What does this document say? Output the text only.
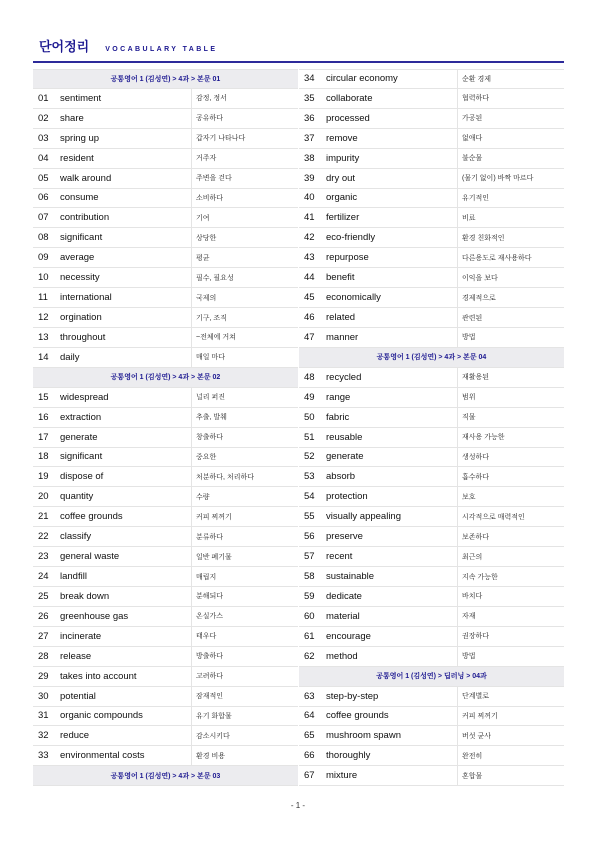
단어정리 VOCABULARY TABLE
공통영어 1 (김성연) > 4과 > 본문 01
01	sentiment	감정, 정서
02	share	공유하다
03	spring up	갑자기 나타나다
04	resident	거주자
05	walk around	주변을 걷다
06	consume	소비하다
07	contribution	기여
08	significant	상당한
09	average	평균
10	necessity	필수, 필요성
11	international	국제의
12	orgination	기구, 조직
13	throughout	~전체에 거쳐
14	daily	매일 마다
공통영어 1 (김성연) > 4과 > 본문 02
15	widespread	널리 퍼진
16	extraction	추출, 발췌
17	generate	창출하다
18	significant	중요한
19	dispose of	처분하다, 처리하다
20	quantity	수량
21	coffee grounds	커피 찌꺼기
22	classify	분류하다
23	general waste	일반 폐기물
24	landfill	매립지
25	break down	분해되다
26	greenhouse gas	온실가스
27	incinerate	태우다
28	release	방출하다
29	takes into account	고려하다
30	potential	잠재적인
31	organic compounds	유기 화합물
32	reduce	감소시키다
33	environmental costs	환경 비용
공통영어 1 (김성연) > 4과 > 본문 03
34	circular economy	순환 경제
35	collaborate	협력하다
36	processed	가공된
37	remove	없애다
38	impurity	불순물
39	dry out	(물기 없이) 바짝 마르다
40	organic	유기적인
41	fertilizer	비료
42	eco-friendly	환경 친화적인
43	repurpose	다른용도로 재사용하다
44	benefit	이익을 보다
45	economically	경제적으로
46	related	관련된
47	manner	방법
공통영어 1 (김성연) > 4과 > 본문 04
48	recycled	재활용된
49	range	범위
50	fabric	직물
51	reusable	재사용 가능한
52	generate	생성하다
53	absorb	흡수하다
54	protection	보호
55	visually appealing	시각적으로 매력적인
56	preserve	보존하다
57	recent	최근의
58	sustainable	지속 가능한
59	dedicate	바치다
60	material	자재
61	encourage	권장하다
62	method	방법
공통영어 1 (김성연) > 딥러닝 > 04과
63	step-by-step	단계별로
64	coffee grounds	커피 찌꺼기
65	mushroom spawn	버섯 균사
66	thoroughly	완전히
67	mixture	혼합물
- 1 -
